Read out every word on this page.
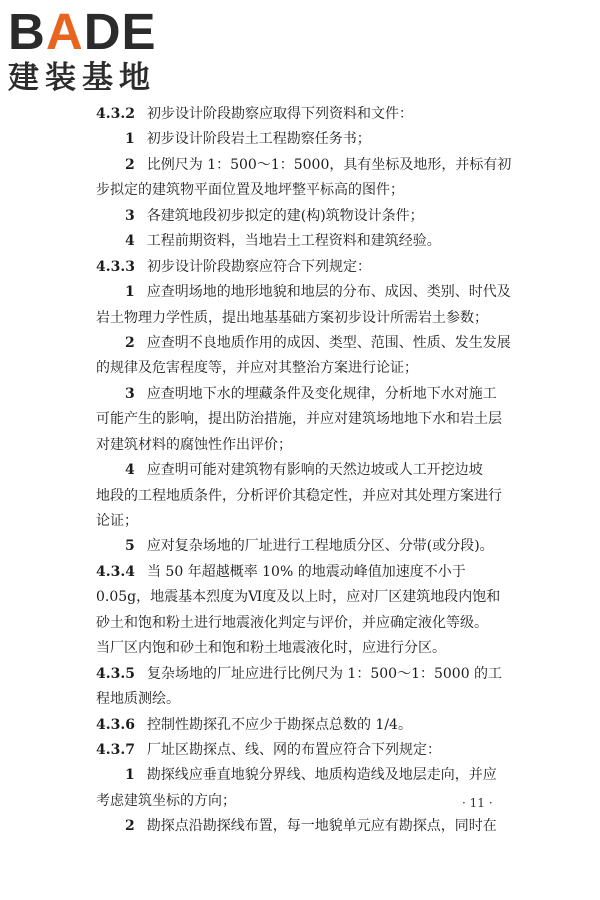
BADE
建装基地
4.3.2 初步设计阶段勘察应取得下列资料和文件：
1 初步设计阶段岩土工程勘察任务书；
2 比例尺为 1：500～1：5000，具有坐标及地形，并标有初
步拟定的建筑物平面位置及地坪整平标高的图件；
3 各建筑地段初步拟定的建(构)筑物设计条件；
4 工程前期资料，当地岩土工程资料和建筑经验。
4.3.3 初步设计阶段勘察应符合下列规定：
1 应查明场地的地形地貌和地层的分布、成因、类别、时代及
岩土物理力学性质，提出地基基础方案初步设计所需岩土参数；
2 应查明不良地质作用的成因、类型、范围、性质、发生发展
的规律及危害程度等，并应对其整治方案进行论证；
3 应查明地下水的埋藏条件及变化规律，分析地下水对施工
可能产生的影响，提出防治措施，并应对建筑场地地下水和岩土层
对建筑材料的腐蚀性作出评价；
4 应查明可能对建筑物有影响的天然边坡或人工开挖边坡
地段的工程地质条件，分析评价其稳定性，并应对其处理方案进行
论证；
5 应对复杂场地的厂址进行工程地质分区、分带(或分段)。
4.3.4 当 50 年超越概率 10% 的地震动峰值加速度不小于
0.05g，地震基本烈度为Ⅵ度及以上时，应对厂区建筑地段内饱和
砂土和饱和粉土进行地震液化判定与评价，并应确定液化等级。
当厂区内饱和砂土和饱和粉土地震液化时，应进行分区。
4.3.5 复杂场地的厂址应进行比例尺为 1：500～1：5000 的工
程地质测绘。
4.3.6 控制性勘探孔不应少于勘探点总数的 1/4。
4.3.7 厂址区勘探点、线、网的布置应符合下列规定：
1 勘探线应垂直地貌分界线、地质构造线及地层走向，并应
考虑建筑坐标的方向；
2 勘探点沿勘探线布置，每一地貌单元应有勘探点，同时在
· 11 ·
